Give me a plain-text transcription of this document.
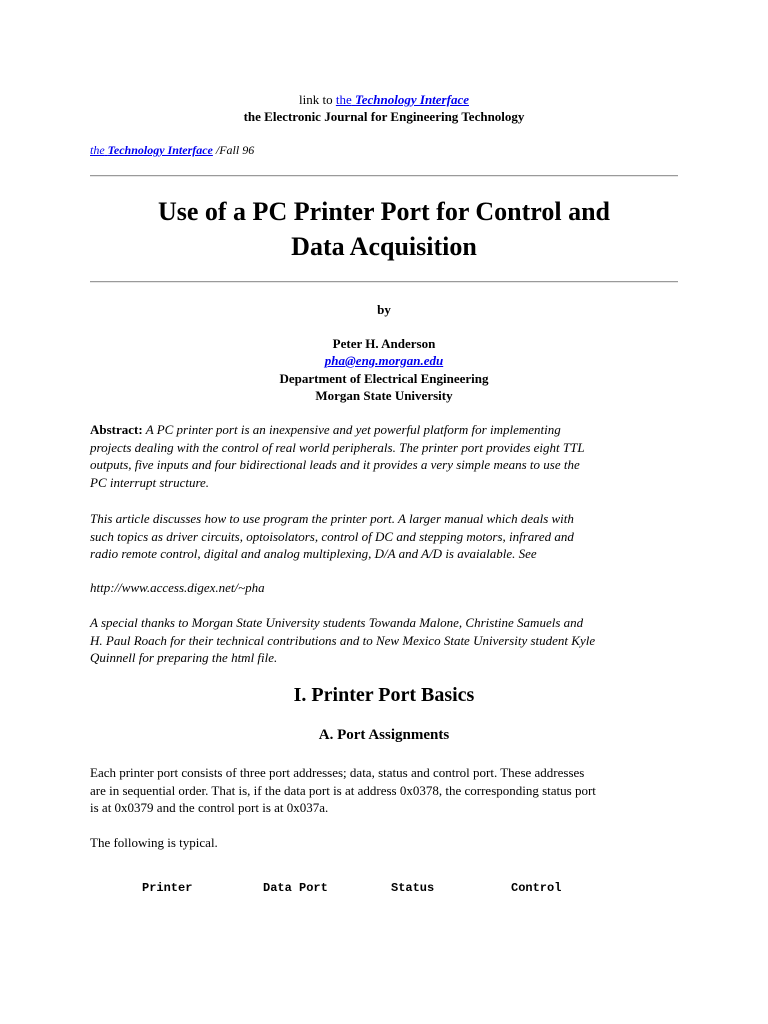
link to the Technology Interface
the Electronic Journal for Engineering Technology
the Technology Interface /Fall 96
Use of a PC Printer Port for Control and
Data Acquisition
by
Peter H. Anderson
pha@eng.morgan.edu
Department of Electrical Engineering
Morgan State University
Abstract: A PC printer port is an inexpensive and yet powerful platform for implementing
projects dealing with the control of real world peripherals. The printer port provides eight TTL
outputs, five inputs and four bidirectional leads and it provides a very simple means to use the
PC interrupt structure.
This article discusses how to use program the printer port. A larger manual which deals with
such topics as driver circuits, optoisolators, control of DC and stepping motors, infrared and
radio remote control, digital and analog multiplexing, D/A and A/D is avaialable. See
http://www.access.digex.net/~pha
A special thanks to Morgan State University students Towanda Malone, Christine Samuels and
H. Paul Roach for their technical contributions and to New Mexico State University student Kyle
Quinnell for preparing the html file.
I. Printer Port Basics
A. Port Assignments
Each printer port consists of three port addresses; data, status and control port. These addresses
are in sequential order. That is, if the data port is at address 0x0378, the corresponding status port
is at 0x0379 and the control port is at 0x037a.
The following is typical.
Printer	Data Port	Status	Control
